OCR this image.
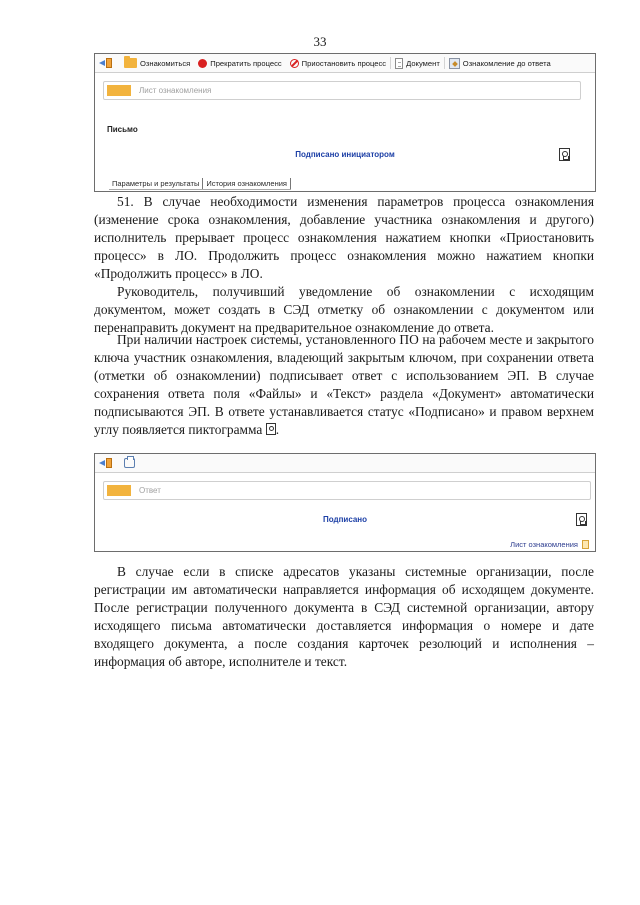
33
Ознакомиться	Прекратить процесс	Приостановить процесс	Документ	Ознакомление до ответа
Лист ознакомления
Письмо
Подписано инициатором
Параметры и результаты История ознакомления

51. В случае необходимости изменения параметров процесса ознакомления (изменение срока ознакомления, добавление участника ознакомления и другого) исполнитель прерывает процесс ознакомления нажатием кнопки «Приостановить процесс» в ЛО. Продолжить процесс ознакомления можно нажатием кнопки «Продолжить процесс» в ЛО.

Руководитель, получивший уведомление об ознакомлении с исходящим документом, может создать в СЭД отметку об ознакомлении с документом или перенаправить документ на предварительное ознакомление до ответа.

При наличии настроек системы, установленного ПО на рабочем месте и закрытого ключа участник ознакомления, владеющий закрытым ключом, при сохранении ответа (отметки об ознакомлении) подписывает ответ с использованием ЭП. В случае сохранения ответа поля «Файлы» и «Текст» раздела «Документ» автоматически подписываются ЭП. В ответе устанавливается статус «Подписано» и правом верхнем углу появляется пиктограмма .

Ответ
Подписано
Лист ознакомления

В случае если в списке адресатов указаны системные организации, после регистрации им автоматически направляется информация об исходящем документе. После регистрации полученного документа в СЭД системной организации, автору исходящего письма автоматически доставляется информация о номере и дате входящего документа, а после создания карточек резолюций и исполнения – информация об авторе, исполнителе и текст.
